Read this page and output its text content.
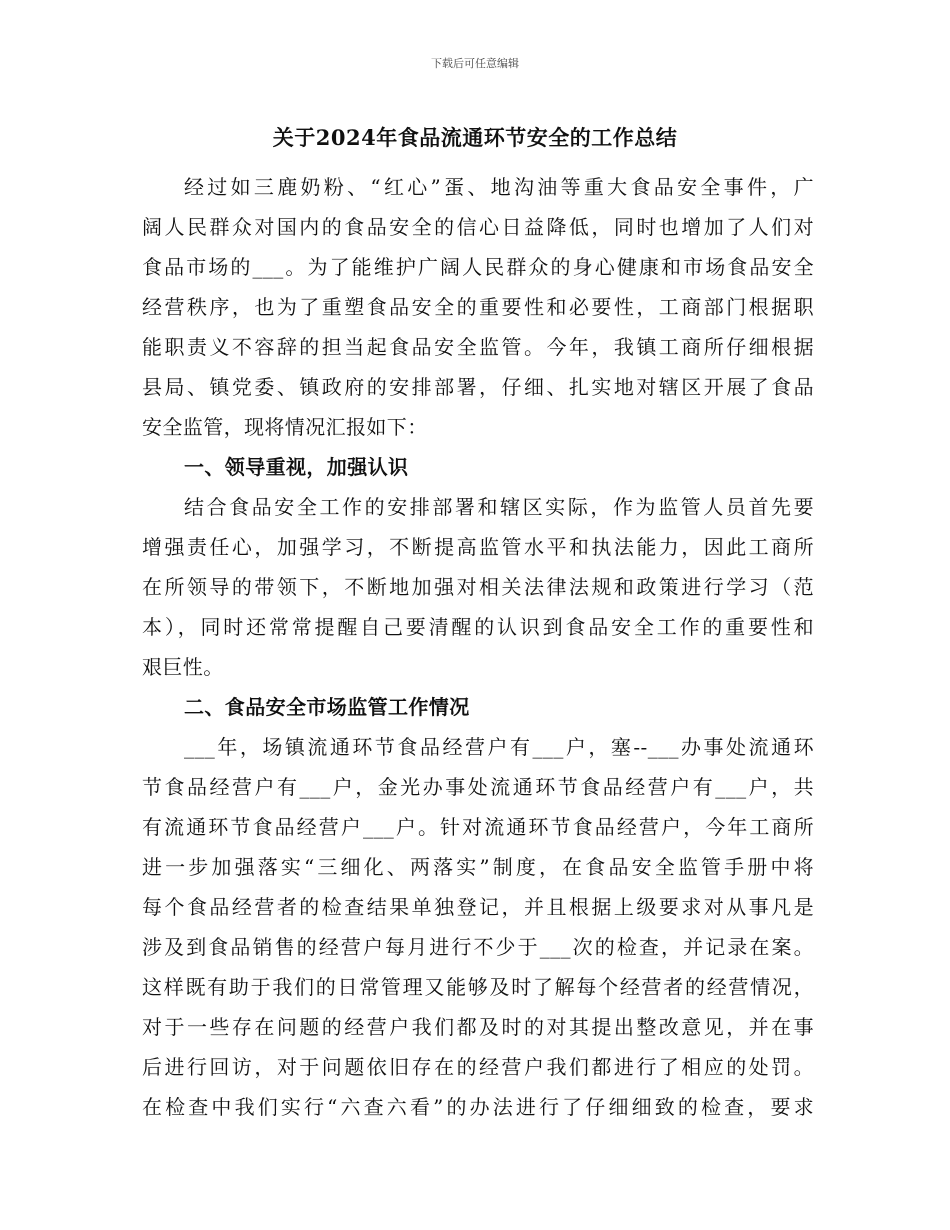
下载后可任意编辑
关于2024年食品流通环节安全的工作总结
经过如三鹿奶粉、“红心”蛋、地沟油等重大食品安全事件，广
阔人民群众对国内的食品安全的信心日益降低，同时也增加了人们对
食品市场的___。为了能维护广阔人民群众的身心健康和市场食品安全
经营秩序，也为了重塑食品安全的重要性和必要性，工商部门根据职
能职责义不容辞的担当起食品安全监管。今年，我镇工商所仔细根据
县局、镇党委、镇政府的安排部署，仔细、扎实地对辖区开展了食品
安全监管，现将情况汇报如下：
一、领导重视，加强认识
结合食品安全工作的安排部署和辖区实际，作为监管人员首先要
增强责任心，加强学习，不断提高监管水平和执法能力，因此工商所
在所领导的带领下，不断地加强对相关法律法规和政策进行学习（范
本），同时还常常提醒自己要清醒的认识到食品安全工作的重要性和
艰巨性。
二、食品安全市场监管工作情况
___年，场镇流通环节食品经营户有___户，塞--___办事处流通环
节食品经营户有___户，金光办事处流通环节食品经营户有___户，共
有流通环节食品经营户___户。针对流通环节食品经营户，今年工商所
进一步加强落实“三细化、两落实”制度，在食品安全监管手册中将
每个食品经营者的检查结果单独登记，并且根据上级要求对从事凡是
涉及到食品销售的经营户每月进行不少于___次的检查，并记录在案。
这样既有助于我们的日常管理又能够及时了解每个经营者的经营情况，
对于一些存在问题的经营户我们都及时的对其提出整改意见，并在事
后进行回访，对于问题依旧存在的经营户我们都进行了相应的处罚。
在检查中我们实行“六查六看”的办法进行了仔细细致的检查，要求
